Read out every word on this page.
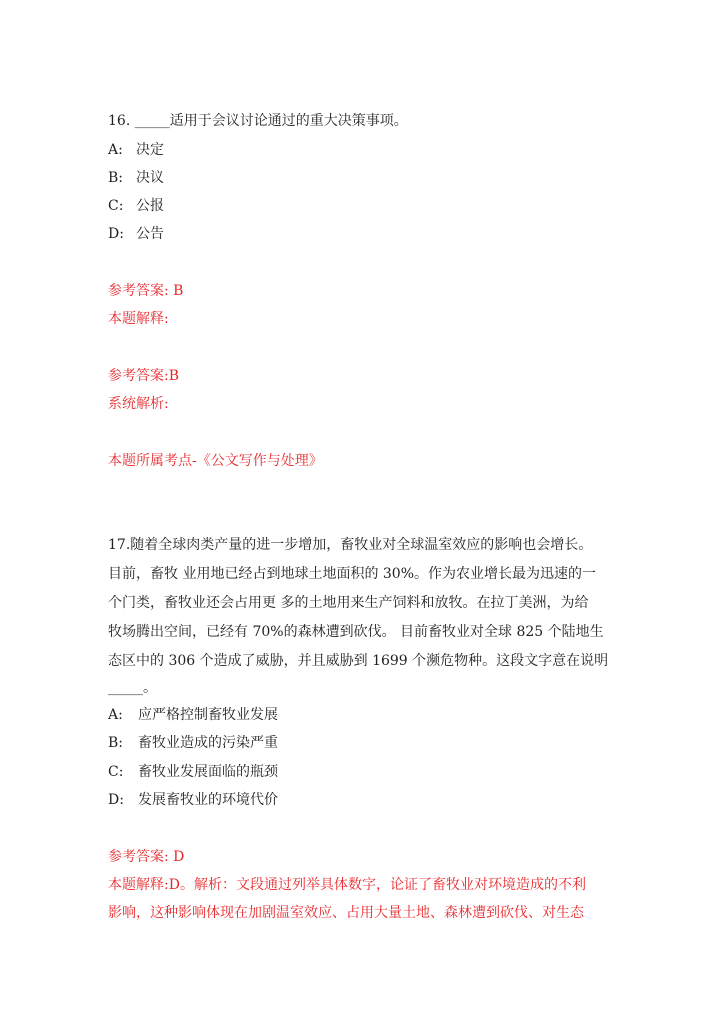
16. _____适用于会议讨论通过的重大决策事项。
A: 决定
B: 决议
C: 公报
D: 公告
参考答案: B
本题解释:
参考答案:B
系统解析:
本题所属考点-《公文写作与处理》
17.随着全球肉类产量的进一步增加，畜牧业对全球温室效应的影响也会增长。
目前，畜牧 业用地已经占到地球土地面积的 30%。作为农业增长最为迅速的一
个门类，畜牧业还会占用更 多的土地用来生产饲料和放牧。在拉丁美洲，为给
牧场腾出空间，已经有 70%的森林遭到砍伐。 目前畜牧业对全球 825 个陆地生
态区中的 306 个造成了威胁，并且威胁到 1699 个濒危物种。这段文字意在说明
_____。
A: 应严格控制畜牧业发展
B: 畜牧业造成的污染严重
C: 畜牧业发展面临的瓶颈
D: 发展畜牧业的环境代价
参考答案: D
本题解释:D。解析：文段通过列举具体数字，论证了畜牧业对环境造成的不利
影响，这种影响体现在加剧温室效应、占用大量土地、森林遭到砍伐、对生态
